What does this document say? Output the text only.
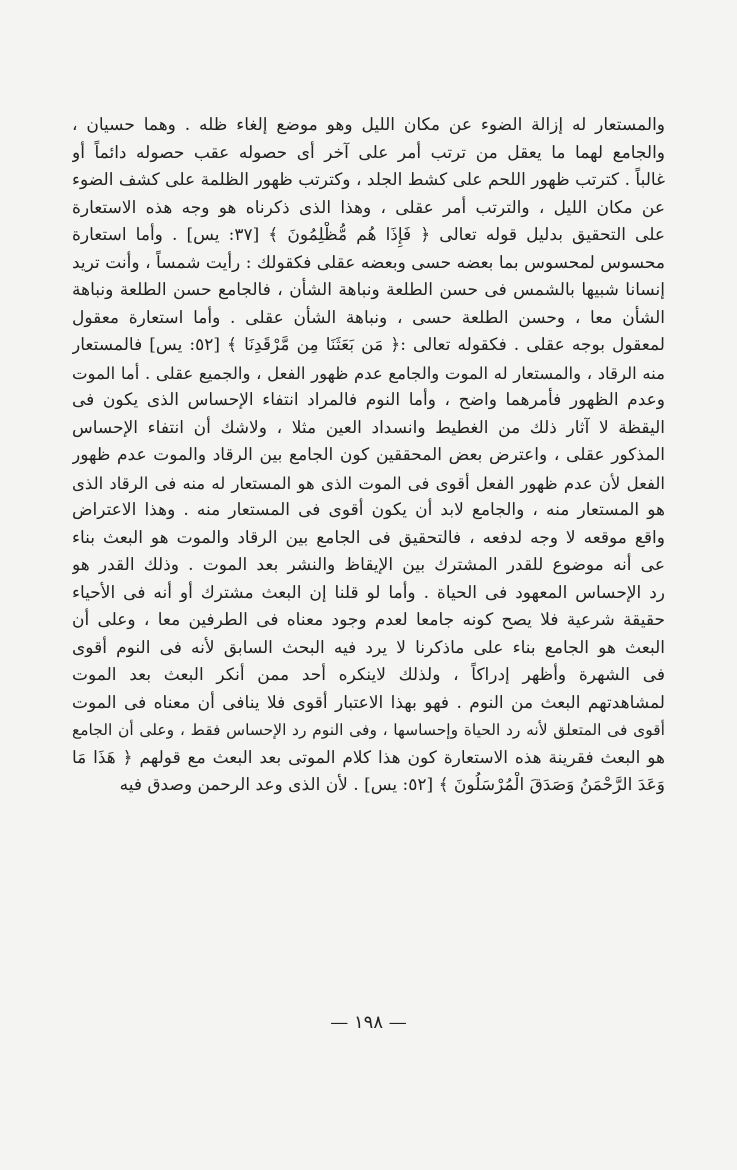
والمستعار له إزالة الضوء عن مكان الليل وهو موضع إلغاء ظله . وهما حسيان ،
والجامع لهما ما يعقل من ترتب أمر على آخر أى حصوله عقب حصوله دائماً أو
غالباً . كترتب ظهور اللحم على كشط الجلد ، وكترتب ظهور الظلمة على كشف الضوء
عن مكان الليل ، والترتب أمر عقلى ، وهذا الذى ذكرناه هو وجه هذه الاستعارة
على التحقيق بدليل قوله تعالى ﴿ فَإِذَا هُم مُّظْلِمُونَ ﴾ [٣٧: يس] . وأما استعارة
محسوس لمحسوس بما بعضه حسى وبعضه عقلى فكقولك : رأيت شمساً ، وأنت تريد
إنسانا شبيها بالشمس فى حسن الطلعة ونباهة الشأن ، فالجامع حسن الطلعة ونباهة
الشأن معا ، وحسن الطلعة حسى ، ونباهة الشأن عقلى . وأما استعارة معقول
لمعقول بوجه عقلى . فكقوله تعالى :﴿ مَن بَعَثَنَا مِن مَّرْقَدِنَا ﴾ [٥٢: يس] فالمستعار
منه الرقاد ، والمستعار له الموت والجامع عدم ظهور الفعل ، والجميع عقلى . أما الموت
وعدم الظهور فأمرهما واضح ، وأما النوم فالمراد انتفاء الإحساس الذى يكون فى
اليقظة لا آثار ذلك من الغطيط وانسداد العين مثلا ، ولاشك أن انتفاء الإحساس
المذكور عقلى ، واعترض بعض المحققين كون الجامع بين الرقاد والموت عدم ظهور
الفعل لأن عدم ظهور الفعل أقوى فى الموت الذى هو المستعار له منه فى الرقاد الذى
هو المستعار منه ، والجامع لابد أن يكون أقوى فى المستعار منه . وهذا الاعتراض
واقع موقعه لا وجه لدفعه ، فالتحقيق فى الجامع بين الرقاد والموت هو البعث بناء
عى أنه موضوع للقدر المشترك بين الإيقاظ والنشر بعد الموت . وذلك القدر هو
رد الإحساس المعهود فى الحياة . وأما لو قلنا إن البعث مشترك أو أنه فى الأحياء
حقيقة شرعية فلا يصح كونه جامعا لعدم وجود معناه فى الطرفين معا ، وعلى أن
البعث هو الجامع بناء على ماذكرنا لا يرد فيه البحث السابق لأنه فى النوم أقوى
فى الشهرة وأظهر إدراكاً ، ولذلك لاينكره أحد ممن أنكر البعث بعد الموت
لمشاهدتهم البعث من النوم . فهو بهذا الاعتبار أقوى فلا ينافى أن معناه فى الموت
أقوى فى المتعلق لأنه رد الحياة وإحساسها ، وفى النوم رد الإحساس فقط ، وعلى أن الجامع
هو البعث فقرينة هذه الاستعارة كون هذا كلام الموتى بعد البعث مع قولهم ﴿ هَذَا مَا
وَعَدَ الرَّحْمَنُ وَصَدَقَ الْمُرْسَلُونَ ﴾ [٥٢: يس] . لأن الذى وعد الرحمن وصدق فيه
— ١٩٨ —
